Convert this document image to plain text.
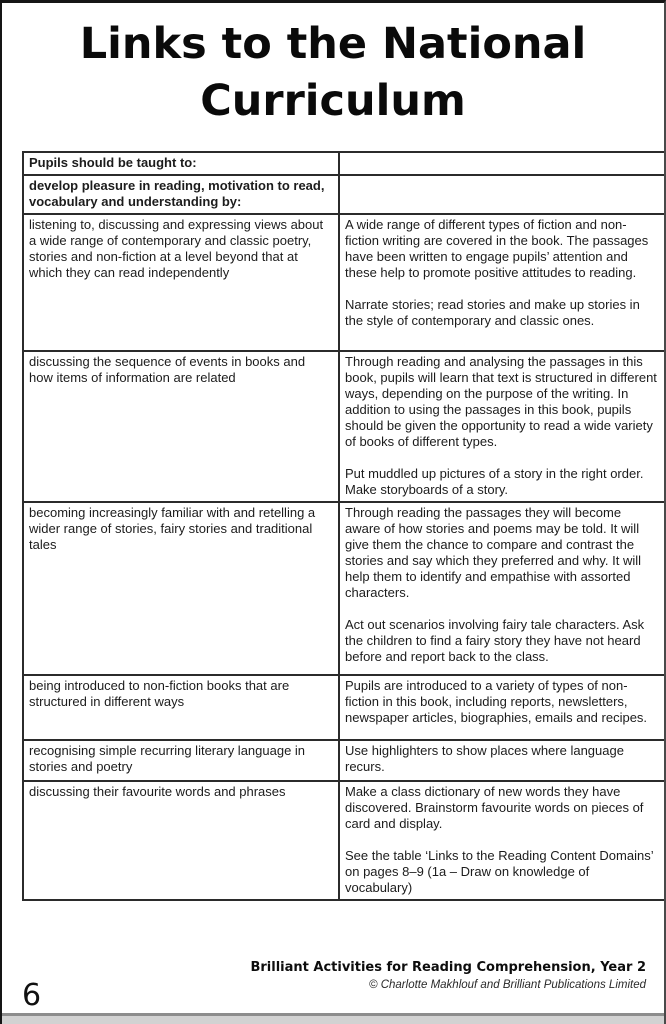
Links to the National
Curriculum
Pupils should be taught to:	
develop pleasure in reading, motivation to read, vocabulary and understanding by:	
listening to, discussing and expressing views about a wide range of contemporary and classic poetry, stories and non-fiction at a level beyond that at which they can read independently	A wide range of different types of fiction and non-fiction writing are covered in the book. The passages have been written to engage pupils’ attention and these help to promote positive attitudes to reading.

Narrate stories; read stories and make up stories in the style of contemporary and classic ones.

discussing the sequence of events in books and how items of information are related	Through reading and analysing the passages in this book, pupils will learn that text is structured in different ways, depending on the purpose of the writing. In addition to using the passages in this book, pupils should be given the opportunity to read a wide variety of books of different types.

Put muddled up pictures of a story in the right order. Make storyboards of a story.

becoming increasingly familiar with and retelling a wider range of stories, fairy stories and traditional tales	Through reading the passages they will become aware of how stories and poems may be told. It will give them the chance to compare and contrast the stories and say which they preferred and why. It will help them to identify and empathise with assorted characters.

Act out scenarios involving fairy tale characters. Ask the children to find a fairy story they have not heard before and report back to the class.

being introduced to non-fiction books that are structured in different ways	Pupils are introduced to a variety of types of non-fiction in this book, including reports, newsletters, newspaper articles, biographies, emails and recipes.

recognising simple recurring literary language in stories and poetry	Use highlighters to show places where language recurs.

discussing their favourite words and phrases	Make a class dictionary of new words they have discovered. Brainstorm favourite words on pieces of card and display.

See the table ‘Links to the Reading Content Domains’ on pages 8–9 (1a – Draw on knowledge of vocabulary)

Brilliant Activities for Reading Comprehension, Year 2
© Charlotte Makhlouf and Brilliant Publications Limited
6
